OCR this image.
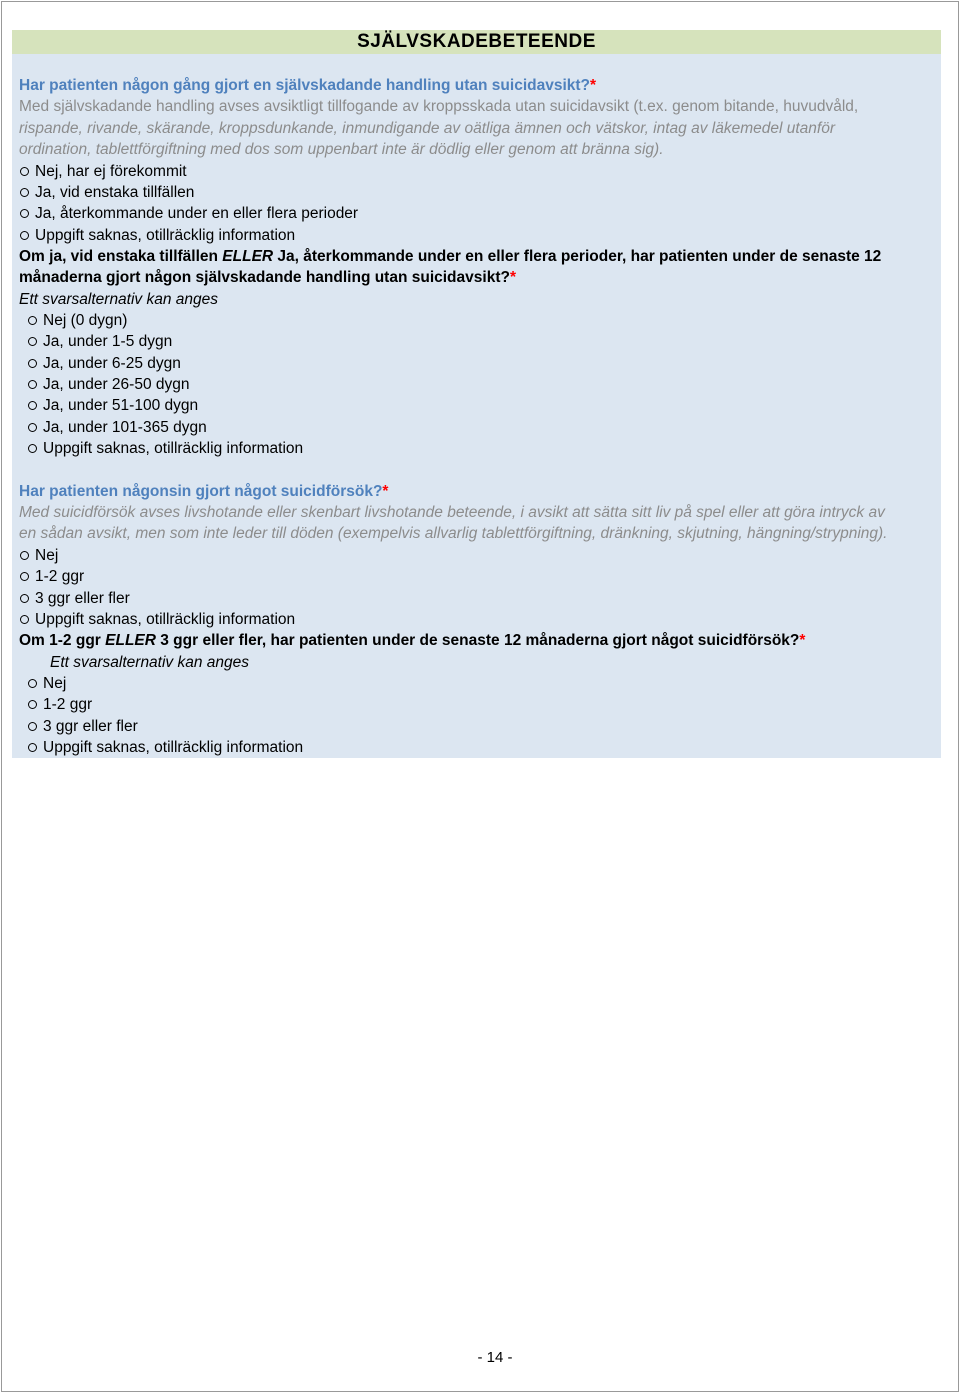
SJÄLVSKADEBETEENDE
Har patienten någon gång gjort en självskadande handling utan suicidavsikt?*
Med självskadande handling avses avsiktligt tillfogande av kroppsskada utan suicidavsikt (t.ex. genom bitande, huvudvåld,
rispande, rivande, skärande, kroppsdunkande, inmundigande av oätliga ämnen och vätskor, intag av läkemedel utanför
ordination, tablettförgiftning med dos som uppenbart inte är dödlig eller genom att bränna sig).
Nej, har ej förekommit
Ja, vid enstaka tillfällen
Ja, återkommande under en eller flera perioder
Uppgift saknas, otillräcklig information
Om ja, vid enstaka tillfällen ELLER Ja, återkommande under en eller flera perioder, har patienten under de senaste 12
månaderna gjort någon självskadande handling utan suicidavsikt?*
Ett svarsalternativ kan anges
Nej (0 dygn)
Ja, under 1-5 dygn
Ja, under 6-25 dygn
Ja, under 26-50 dygn
Ja, under 51-100 dygn
Ja, under 101-365 dygn
Uppgift saknas, otillräcklig information
Har patienten någonsin gjort något suicidförsök?*
Med suicidförsök avses livshotande eller skenbart livshotande beteende, i avsikt att sätta sitt liv på spel eller att göra intryck av
en sådan avsikt, men som inte leder till döden (exempelvis allvarlig tablettförgiftning, dränkning, skjutning, hängning/strypning).
Nej
1-2 ggr
3 ggr eller fler
Uppgift saknas, otillräcklig information
Om 1-2 ggr ELLER 3 ggr eller fler, har patienten under de senaste 12 månaderna gjort något suicidförsök?*
Ett svarsalternativ kan anges
Nej
1-2 ggr
3 ggr eller fler
Uppgift saknas, otillräcklig information
- 14 -
